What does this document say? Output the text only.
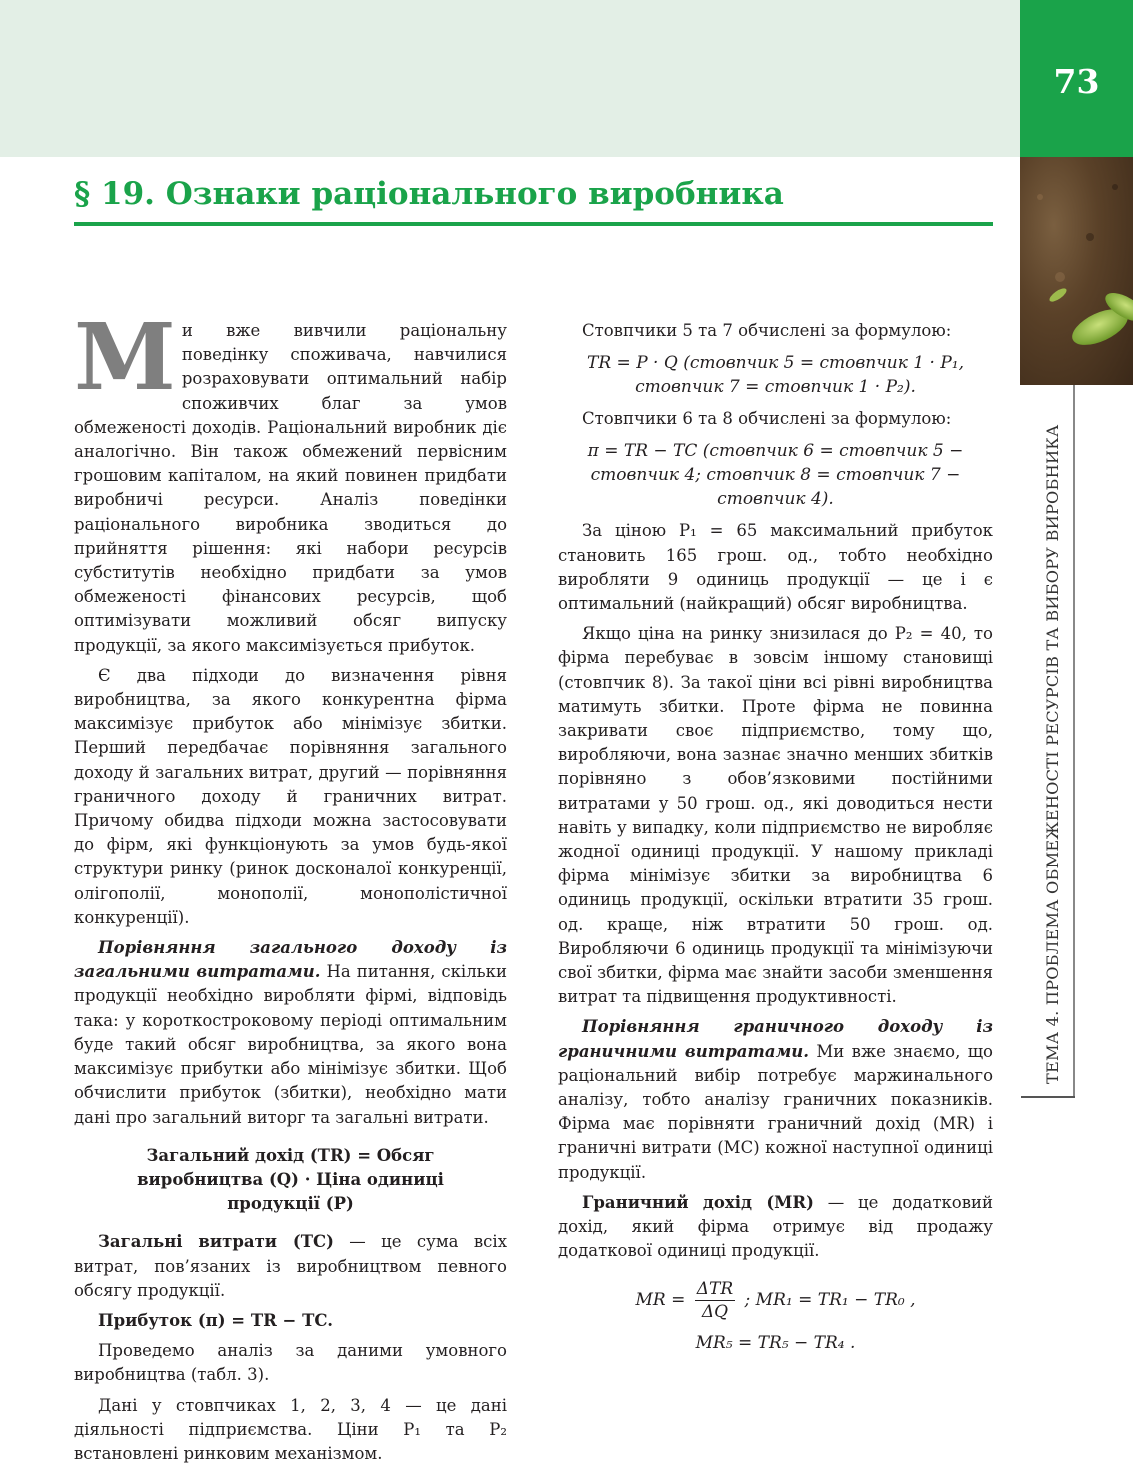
73
ТЕМА 4. ПРОБЛЕМА ОБМЕЖЕНОСТІ РЕСУРСІВ ТА ВИБОРУ ВИРОБНИКА
§ 19. Ознаки раціонального виробника

Ми вже вивчили раціональну поведінку споживача, навчилися розраховувати оптимальний набір споживчих благ за умов обмеженості доходів. Раціональний виробник діє аналогічно. Він також обмежений первісним грошовим капіталом, на який повинен придбати виробничі ресурси. Аналіз поведінки раціонального виробника зводиться до прийняття рішення: які набори ресурсів субститутів необхідно придбати за умов обмеженості фінансових ресурсів, щоб оптимізувати можливий обсяг випуску продукції, за якого максимізується прибуток.

Є два підходи до визначення рівня виробництва, за якого конкурентна фірма максимізує прибуток або мінімізує збитки. Перший передбачає порівняння загального доходу й загальних витрат, другий — порівняння граничного доходу й граничних витрат. Причому обидва підходи можна застосовувати до фірм, які функціонують за умов будь-якої структури ринку (ринок досконалої конкуренції, олігополії, монополії, монополістичної конкуренції).

Порівняння загального доходу із загальними витратами. На питання, скільки продукції необхідно виробляти фірмі, відповідь така: у короткостроковому періоді оптимальним буде такий обсяг виробництва, за якого вона максимізує прибутки або мінімізує збитки. Щоб обчислити прибуток (збитки), необхідно мати дані про загальний виторг та загальні витрати.

Загальний дохід (TR) = Обсяг виробництва (Q) · Ціна одиниці продукції (P)

Загальні витрати (ТС) — це сума всіх витрат, пов’язаних із виробництвом певного обсягу продукції.

Прибуток (π) = TR − TC.

Проведемо аналіз за даними умовного виробництва (табл. 3).

Дані у стовпчиках 1, 2, 3, 4 — це дані діяльності підприємства. Ціни P₁ та P₂ встановлені ринковим механізмом.

Стовпчики 5 та 7 обчислені за формулою:

TR = P · Q (стовпчик 5 = стовпчик 1 · P₁,
стовпчик 7 = стовпчик 1 · P₂).

Стовпчики 6 та 8 обчислені за формулою:

π = TR − TC (стовпчик 6 = стовпчик 5 −
стовпчик 4; стовпчик 8 = стовпчик 7 −
стовпчик 4).

За ціною P₁ = 65 максимальний прибуток становить 165 грош. од., тобто необхідно виробляти 9 одиниць продукції — це і є оптимальний (найкращий) обсяг виробництва.

Якщо ціна на ринку знизилася до P₂ = 40, то фірма перебуває в зовсім іншому становищі (стовпчик 8). За такої ціни всі рівні виробництва матимуть збитки. Проте фірма не повинна закривати своє підприємство, тому що, виробляючи, вона зазнає значно менших збитків порівняно з обов’язковими постійними витратами у 50 грош. од., які доводиться нести навіть у випадку, коли підприємство не виробляє жодної одиниці продукції. У нашому прикладі фірма мінімізує збитки за виробництва 6 одиниць продукції, оскільки втратити 35 грош. од. краще, ніж втратити 50 грош. од. Виробляючи 6 одиниць продукції та мінімізуючи свої збитки, фірма має знайти засоби зменшення витрат та підвищення продуктивності.

Порівняння граничного доходу із граничними витратами. Ми вже знаємо, що раціональний вибір потребує маржинального аналізу, тобто аналізу граничних показників. Фірма має порівняти граничний дохід (MR) і граничні витрати (MC) кожної наступної одиниці продукції.

Граничний дохід (MR) — це додатковий дохід, який фірма отримує від продажу додаткової одиниці продукції.

MR = $\frac{\text{ΔTR}}{\Delta Q}$ ; MR₁ = TR₁ − TR₀ ,
MR₅ = TR₅ − TR₄ .
